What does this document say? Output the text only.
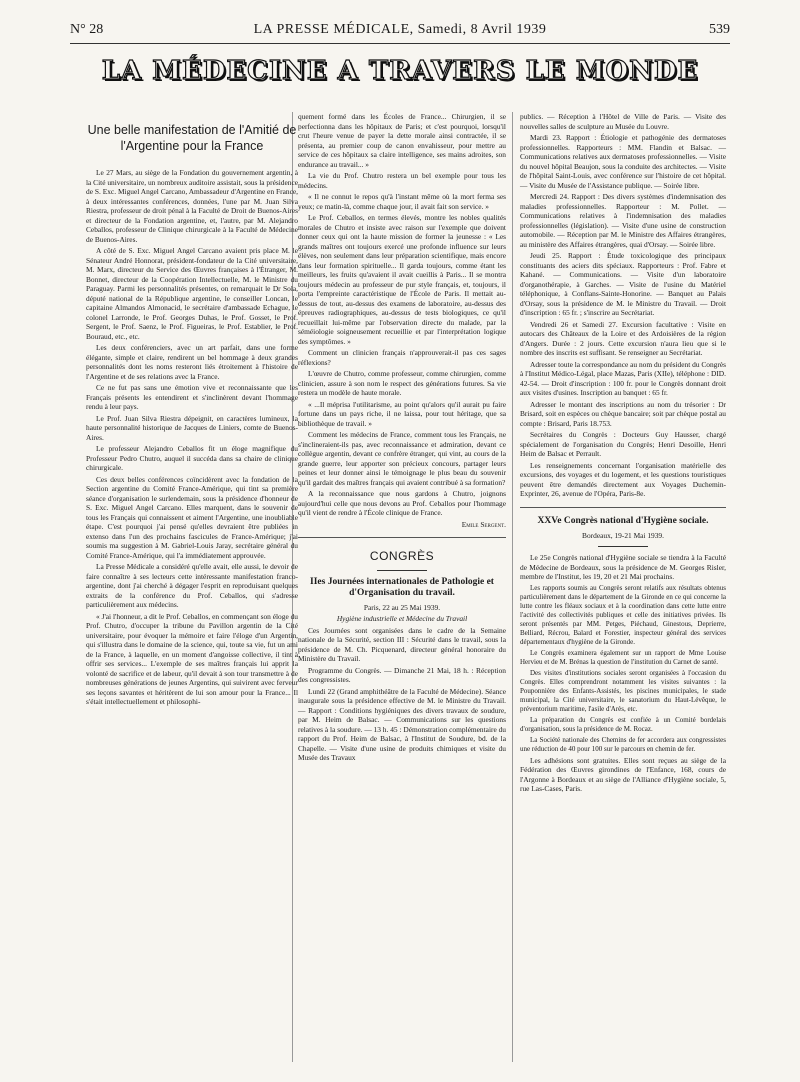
N° 28	LA PRESSE MÉDICALE, Samedi, 8 Avril 1939	539
LA MÉDECINE A TRAVERS LE MONDE
Une belle manifestation de l'Amitié de l'Argentine pour la France

Le 27 Mars, au siège de la Fondation du gouvernement argentin, à la Cité universitaire, un nombreux auditoire assistait, sous la présidence de S. Exc. Miguel Angel Carcano, Ambassadeur d'Argentine en France, à deux intéressantes conférences, données, l'une par M. Juan Silva Riestra, professeur de droit pénal à la Faculté de Droit de Buenos-Aires et directeur de la Fondation argentine, et, l'autre, par M. Alejandro Ceballos, professeur de Clinique chirurgicale à la Faculté de Médecine de Buenos-Aires.

A côté de S. Exc. Miguel Angel Carcano avaient pris place M. le Sénateur André Honnorat, président-fondateur de la Cité universitaire, M. Marx, directeur du Service des Œuvres françaises à l'Étranger, M. Bonnet, directeur de la Coopération Intellectuelle, M. le Ministre du Paraguay. Parmi les personnalités présentes, on remarquait le Dr Sola, député national de la République argentine, le conseiller Loncan, le capitaine Almandos Almonacid, le secrétaire d'ambassade Echague, le colonel Larronde, le Prof. Georges Duhas, le Prof. Gosset, le Prof. Sergent, le Prof. Saenz, le Prof. Figueiras, le Prof. Establier, le Prof. Bouraud, etc., etc.

Les deux conférenciers, avec un art parfait, dans une forme élégante, simple et claire, rendirent un bel hommage à deux grandes personnalités dont les noms resteront liés étroitement à l'histoire de l'Argentine et de ses relations avec la France.

Ce ne fut pas sans une émotion vive et reconnaissante que les Français présents les entendirent et s'inclinèrent devant l'hommage rendu à leur pays.

Le Prof. Juan Silva Riestra dépeignit, en caractères lumineux, la haute personnalité historique de Jacques de Liniers, comte de Buenos-Aires.

Le professeur Alejandro Ceballos fit un éloge magnifique du Professeur Pedro Chutro, auquel il succéda dans sa chaire de clinique chirurgicale.

Ces deux belles conférences coïncidèrent avec la fondation de la Section argentine du Comité France-Amérique, qui tint sa première séance d'organisation le surlendemain, sous la présidence d'honneur de S. Exc. Miguel Angel Carcano. Elles marquent, dans le souvenir de tous les Français qui connaissent et aiment l'Argentine, une inoubliable étape. C'est pourquoi j'ai pensé qu'elles devraient être publiées in extenso dans l'un des prochains fascicules de France-Amérique; j'ai soumis ma suggestion à M. Gabriel-Louis Jaray, secrétaire général du Comité France-Amérique, qui l'a immédiatement approuvée.

La Presse Médicale a considéré qu'elle avait, elle aussi, le devoir de faire connaître à ses lecteurs cette intéressante manifestation franco-argentine, dont j'ai cherché à dégager l'esprit en reproduisant quelques extraits de la conférence du Prof. Ceballos, qui s'adresse particulièrement aux médecins.

« J'ai l'honneur, a dit le Prof. Ceballos, en commençant son éloge du Prof. Chutro, d'occuper la tribune du Pavillon argentin de la Cité universitaire, pour évoquer la mémoire et faire l'éloge d'un Argentin, qui s'illustra dans le domaine de la science, qui, toute sa vie, fut un ami de la France, à laquelle, en un moment d'angoisse collective, il tint à offrir ses services... L'exemple de ses maîtres français lui apprit la volonté de sacrifice et de labeur, qu'il devait à son tour transmettre à de nombreuses générations de jeunes Argentins, qui suivirent avec ferveur ses leçons savantes et héritèrent de lui son amour pour la France... Il s'était intellectuellement et philosophi-

quement formé dans les Écoles de France... Chirurgien, il se perfectionna dans les hôpitaux de Paris; et c'est pourquoi, lorsqu'il crut l'heure venue de payer la dette morale ainsi contractée, il se présenta, au premier coup de canon envahisseur, pour mettre au service de ces hôpitaux sa claire intelligence, ses mains adroites, son endurance au travail... »

La vie du Prof. Chutro restera un bel exemple pour tous les médecins.

« Il ne connut le repos qu'à l'instant même où la mort ferma ses yeux; ce matin-là, comme chaque jour, il avait fait son service. »

Le Prof. Ceballos, en termes élevés, montre les nobles qualités morales de Chutro et insiste avec raison sur l'exemple que doivent donner ceux qui ont la haute mission de former la jeunesse : « Les grands maîtres ont toujours exercé une profonde influence sur leurs élèves, non seulement dans leur préparation scientifique, mais encore dans leur formation spirituelle... Il garda toujours, comme étant les meilleurs, les fruits qu'avaient il avait cueillis à Paris... Il se montra toujours médecin au professeur de pur style français, et, toujours, il porta l'empreinte caractéristique de l'École de Paris. Il mettait au-dessus de tout, au-dessus des examens de laboratoire, au-dessus des épreuves radiographiques, au-dessus de tests biologiques, ce qu'il recueillait lui-même par l'observation directe du malade, par la séméiologie soigneusement recueillie et par l'interprétation logique des symptômes. »

Comment un clinicien français n'approuverait-il pas ces sages réflexions?

L'œuvre de Chutro, comme professeur, comme chirurgien, comme clinicien, assure à son nom le respect des générations futures. Sa vie restera un modèle de haute morale.

« ...Il méprisa l'utilitarisme, au point qu'alors qu'il aurait pu faire fortune dans un pays riche, il ne laissa, pour tout héritage, que sa bibliothèque de travail. »

Comment les médecins de France, comment tous les Français, ne s'inclineraient-ils pas, avec reconnaissance et admiration, devant ce collègue argentin, devant ce confrère étranger, qui vint, au cours de la grande guerre, leur apporter son précieux concours, partager leurs peines et leur donner ainsi le témoignage le plus beau du souvenir qu'il gardait des maîtres français qui avaient contribué à sa formation?

A la reconnaissance que nous gardons à Chutro, joignons aujourd'hui celle que nous devons au Prof. Ceballos pour l'hommage qu'il vient de rendre à l'École clinique de France.

Emile Sergent.

CONGRÈS
IIes Journées internationales de Pathologie et d'Organisation du travail.

Paris, 22 au 25 Mai 1939.

Hygiène industrielle et Médecine du Travail

Ces Journées sont organisées dans le cadre de la Semaine nationale de la Sécurité, section III : Sécurité dans le travail, sous la présidence de M. Ch. Picquenard, directeur général honoraire du Ministère du Travail.

Programme du Congrès. — Dimanche 21 Mai, 18 h. : Réception des congressistes.

Lundi 22 (Grand amphithéâtre de la Faculté de Médecine). Séance inaugurale sous la présidence effective de M. le Ministre du Travail. — Rapport : Conditions hygiéniques des divers travaux de soudure, par M. Heim de Balsac. — Communications sur les questions relatives à la soudure. — 13 h. 45 : Démonstration complémentaire du rapport du Prof. Heim de Balsac, à l'Institut de Soudure, bd. de la Chapelle. — Visite d'une usine de produits chimiques et visite du Musée des Travaux

publics. — Réception à l'Hôtel de Ville de Paris. — Visite des nouvelles salles de sculpture au Musée du Louvre.

Mardi 23. Rapport : Étiologie et pathogénie des dermatoses professionnelles. Rapporteurs : MM. Flandin et Balsac. — Communications relatives aux dermatoses professionnelles. — Visite du nouvel hôpital Beaujon, sous la conduite des architectes. — Visite de l'hôpital Saint-Louis, avec conférence sur l'histoire de cet hôpital. — Visite du Musée de l'Assistance publique. — Soirée libre.

Mercredi 24. Rapport : Des divers systèmes d'indemnisation des maladies professionnelles. Rapporteur : M. Pollet. — Communications relatives à l'indemnisation des maladies professionnelles (législation). — Visite d'une usine de construction automobile. — Réception par M. le Ministre des Affaires étrangères, au ministère des Affaires étrangères, quai d'Orsay. — Soirée libre.

Jeudi 25. Rapport : Étude toxicologique des principaux constituants des aciers dits spéciaux. Rapporteurs : Prof. Fabre et Kahané. — Communications. — Visite d'un laboratoire d'organothérapie, à Garches. — Visite de l'usine du Matériel téléphonique, à Conflans-Sainte-Honorine. — Banquet au Palais d'Orsay, sous la présidence de M. le Ministre du Travail. — Droit d'inscription : 65 fr. ; s'inscrire au Secrétariat.

Vendredi 26 et Samedi 27. Excursion facultative : Visite en autocars des Châteaux de la Loire et des Ardoisières de la région d'Angers. Durée : 2 jours. Cette excursion n'aura lieu que si le nombre des inscrits est suffisant. Se renseigner au Secrétariat.

Adresser toute la correspondance au nom du président du Congrès à l'Institut Médico-Légal, place Mazas, Paris (XIIe), téléphone : DID. 42-54. — Droit d'inscription : 100 fr. pour le Congrès donnant droit aux visites d'usines. Inscription au banquet : 65 fr.

Adresser le montant des inscriptions au nom du trésorier : Dr Brisard, soit en espèces ou chèque bancaire; soit par chèque postal au compte : Brisard, Paris 18.753.

Secrétaires du Congrès : Docteurs Guy Hausser, chargé spécialement de l'organisation du Congrès; Henri Desoille, Henri Heim de Balsac et Perrault.

Les renseignements concernant l'organisation matérielle des excursions, des voyages et du logement, et les questions touristiques peuvent être demandés directement aux Voyages Duchemin-Exprinter, 26, avenue de l'Opéra, Paris-8e.

XXVe Congrès national d'Hygiène sociale.

Bordeaux, 19-21 Mai 1939.

Le 25e Congrès national d'Hygiène sociale se tiendra à la Faculté de Médecine de Bordeaux, sous la présidence de M. Georges Risler, membre de l'Institut, les 19, 20 et 21 Mai prochains.

Les rapports soumis au Congrès seront relatifs aux résultats obtenus particulièrement dans le département de la Gironde en ce qui concerne la lutte contre les fléaux sociaux et à la coordination dans cette lutte entre l'activité des collectivités publiques et celle des initiatives privées. Ils seront présentés par MM. Petges, Piéchaud, Ginestous, Deprierre, Belliard, Récrou, Balard et Forestier, inspecteur général des services départementaux d'hygiène de la Gironde.

Le Congrès examinera également sur un rapport de Mme Louise Hervieu et de M. Brénas la question de l'institution du Carnet de santé.

Des visites d'institutions sociales seront organisées à l'occasion du Congrès. Elles comprendront notamment les visites suivantes : la Pouponnière des Enfants-Assistés, les piscines municipales, le stade municipal, la Cité universitaire, le sanatorium du Haut-Lévêque, le préventorium maritime, l'asile d'Arès, etc.

La préparation du Congrès est confiée à un Comité bordelais d'organisation, sous la présidence de M. Rocaz.

La Société nationale des Chemins de fer accordera aux congressistes une réduction de 40 pour 100 sur le parcours en chemin de fer.

Les adhésions sont gratuites. Elles sont reçues au siège de la Fédération des Œuvres girondines de l'Enfance, 168, cours de l'Argonne à Bordeaux et au siège de l'Alliance d'Hygiène sociale, 5, rue Las-Cases, Paris.
